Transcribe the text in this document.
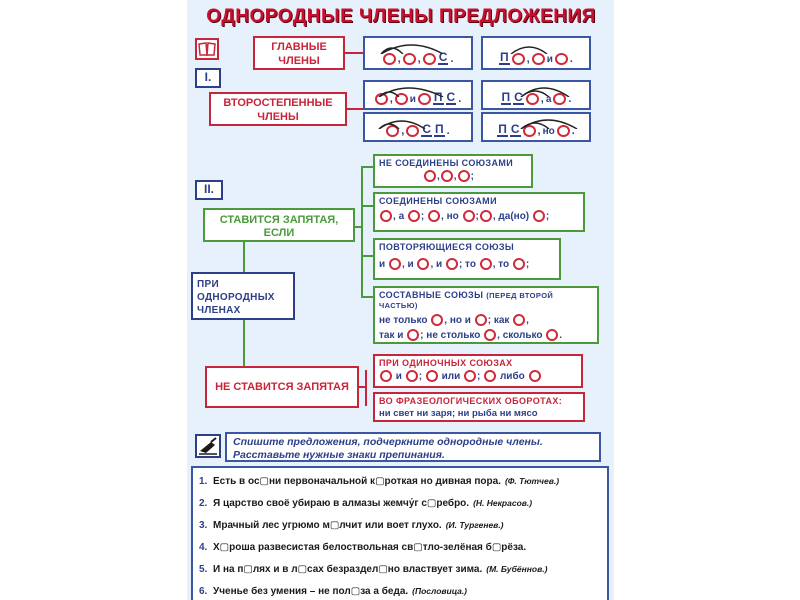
ОДНОРОДНЫЕ ЧЛЕНЫ ПРЕДЛОЖЕНИЯ
I.
ГЛАВНЫЕ ЧЛЕНЫ	, , С .	П , и .
ВТОРОСТЕПЕННЫЕ ЧЛЕНЫ
, и П С .	П С , а .
, С П .	П С , но .
II.
ПРИ ОДНОРОДНЫХ ЧЛЕНАХ
СТАВИТСЯ ЗАПЯТАЯ, ЕСЛИ
НЕ СТАВИТСЯ ЗАПЯТАЯ
НЕ СОЕДИНЕНЫ СОЮЗАМИ
, , ;
СОЕДИНЕНЫ СОЮЗАМИ
, а
;
, но
; , да(но)
;
ПОВТОРЯЮЩИЕСЯ СОЮЗЫ
и
, и
, и
; то
, то
;
СОСТАВНЫЕ СОЮЗЫ (ПЕРЕД ВТОРОЙ ЧАСТЬЮ)
не только
, но и
; как
,
так и
; не столько
, сколько
.
ПРИ ОДИНОЧНЫХ СОЮЗАХ

и
;
или
;
либо

ВО ФРАЗЕОЛОГИЧЕСКИХ ОБОРОТАХ:
ни свет ни заря; ни рыба ни мясо
Спишите предложения, подчеркните однородные члены. Расставьте нужные знаки препинания.
1. Есть в ос▢ни первоначальной к▢роткая но дивная пора. (Ф. Тютчев.)
2. Я царство своё убираю в алмазы жемчу́г с▢ребро. (Н. Некрасов.)
3. Мрачный лес угрюмо м▢лчит или воет глухо. (И. Тургенев.)
4. Х▢роша развесистая белоствольная св▢тло-зелёная б▢рёза.
5. И на п▢лях и в л▢сах безраздел▢но властвует зима. (М. Бубённов.)
6. Ученье без умения – не пол▢за а беда. (Пословица.)
